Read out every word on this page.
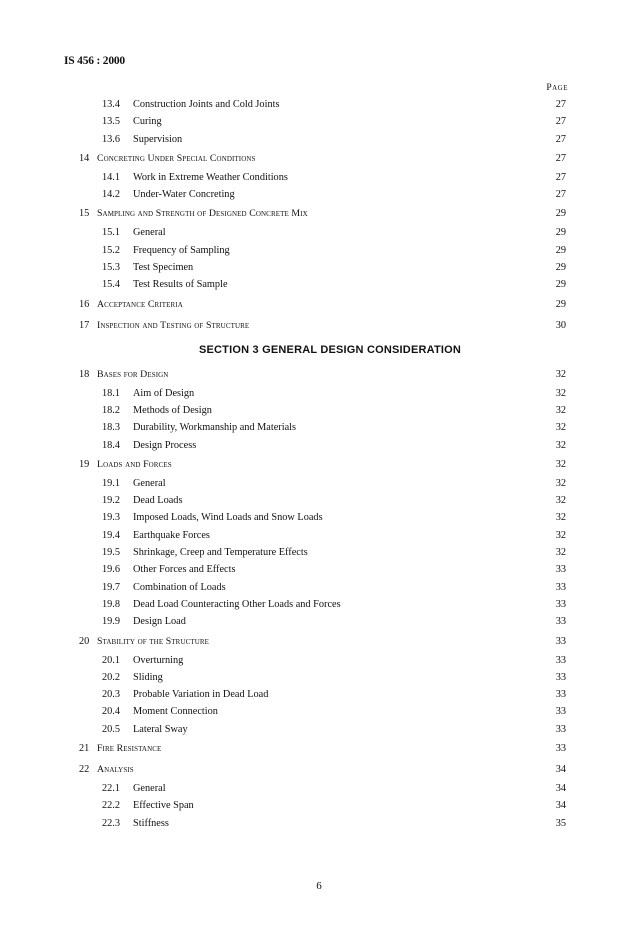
IS 456 : 2000
Page
13.4 Construction Joints and Cold Joints	27
13.5 Curing	27
13.6 Supervision	27
14 Concreting Under Special Conditions	27
14.1 Work in Extreme Weather Conditions	27
14.2 Under-Water Concreting	27
15 Sampling and Strength of Designed Concrete Mix	29
15.1 General	29
15.2 Frequency of Sampling	29
15.3 Test Specimen	29
15.4 Test Results of Sample	29
16 Acceptance Criteria	29
17 Inspection and Testing of Structure	30
SECTION 3 GENERAL DESIGN CONSIDERATION
18 Bases for Design	32
18.1 Aim of Design	32
18.2 Methods of Design	32
18.3 Durability, Workmanship and Materials	32
18.4 Design Process	32
19 Loads and Forces	32
19.1 General	32
19.2 Dead Loads	32
19.3 Imposed Loads, Wind Loads and Snow Loads	32
19.4 Earthquake Forces	32
19.5 Shrinkage, Creep and Temperature Effects	32
19.6 Other Forces and Effects	33
19.7 Combination of Loads	33
19.8 Dead Load Counteracting Other Loads and Forces	33
19.9 Design Load	33
20 Stability of the Structure	33
20.1 Overturning	33
20.2 Sliding	33
20.3 Probable Variation in Dead Load	33
20.4 Moment Connection	33
20.5 Lateral Sway	33
21 Fire Resistance	33
22 Analysis	34
22.1 General	34
22.2 Effective Span	34
22.3 Stiffness	35
6
